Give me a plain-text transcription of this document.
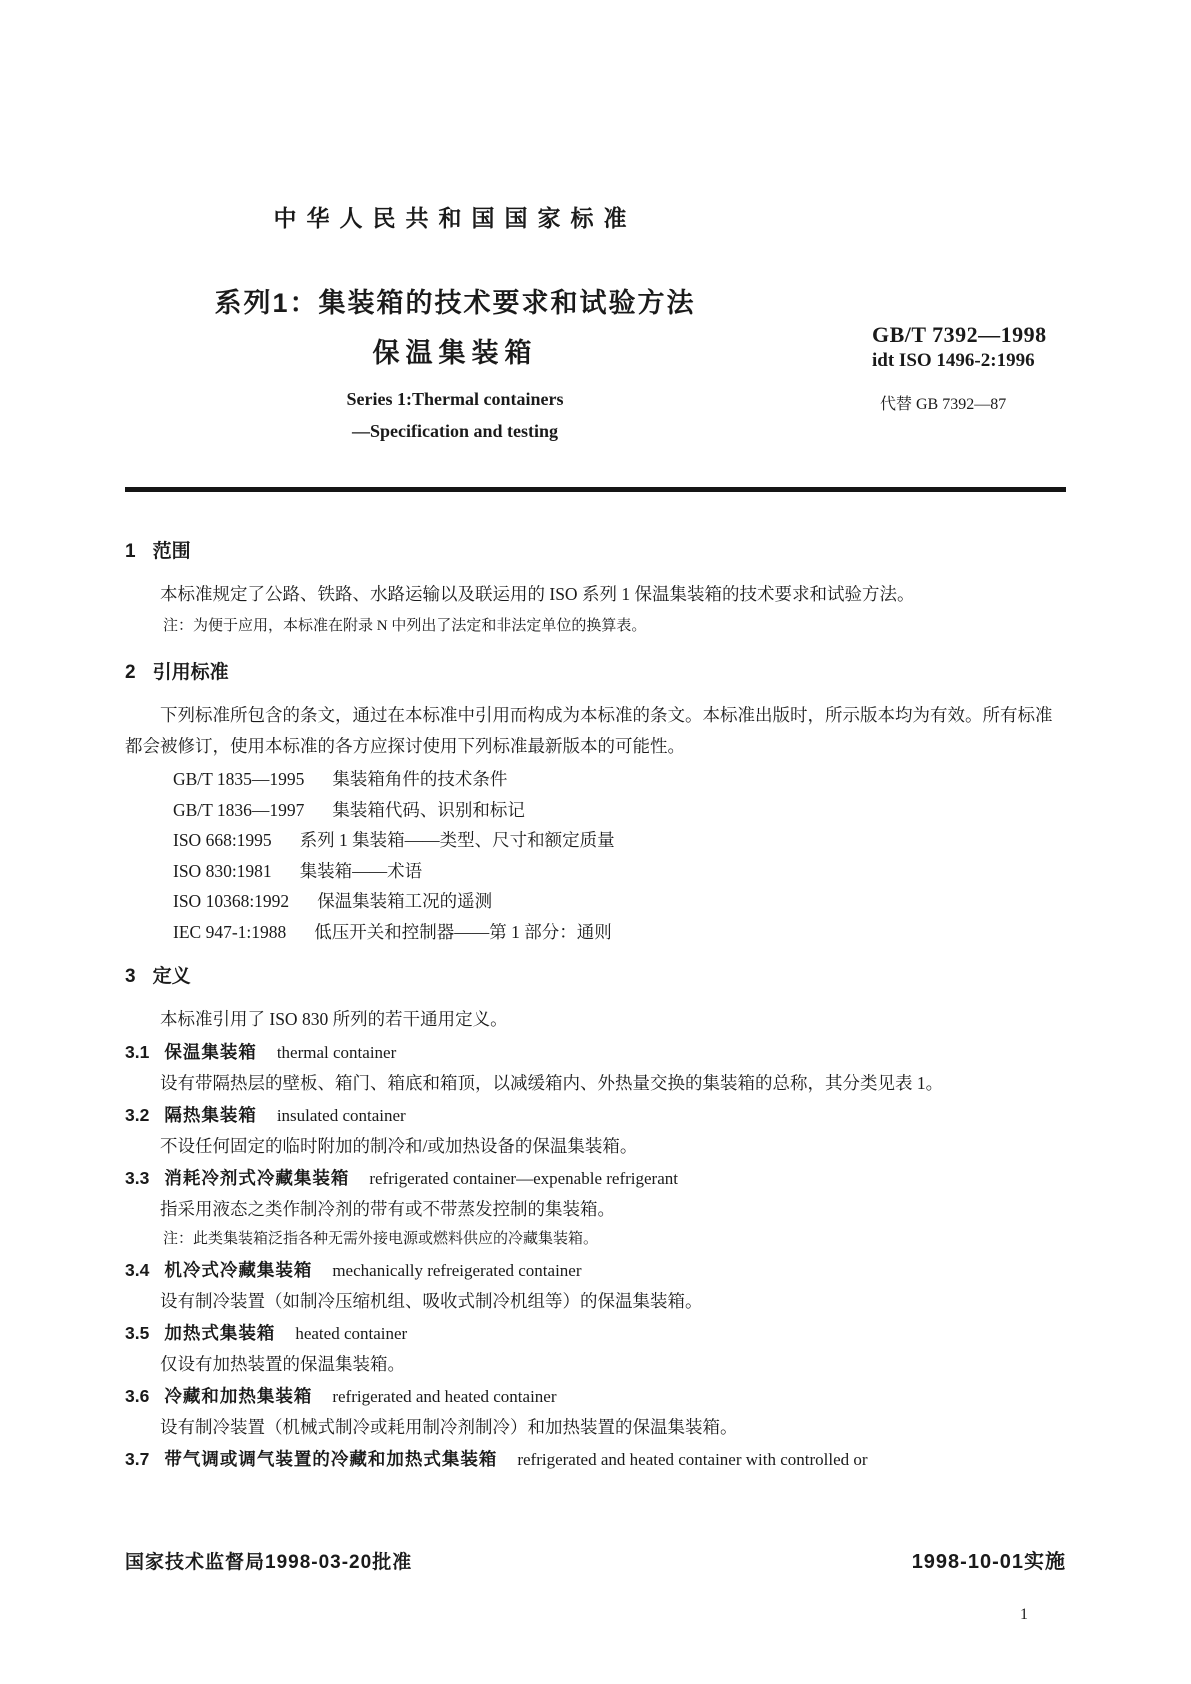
中华人民共和国国家标准
系列1：集装箱的技术要求和试验方法
保温集装箱
Series 1:Thermal containers
—Specification and testing
GB/T 7392—1998
idt ISO 1496-2:1996
代替 GB 7392—87

1 范围

本标准规定了公路、铁路、水路运输以及联运用的 ISO 系列 1 保温集装箱的技术要求和试验方法。

注：为便于应用，本标准在附录 N 中列出了法定和非法定单位的换算表。

2 引用标准

下列标准所包含的条文，通过在本标准中引用而构成为本标准的条文。本标准出版时，所示版本均为有效。所有标准都会被修订，使用本标准的各方应探讨使用下列标准最新版本的可能性。

GB/T 1835—1995 集装箱角件的技术条件

GB/T 1836—1997 集装箱代码、识别和标记

ISO 668:1995 系列 1 集装箱——类型、尺寸和额定质量

ISO 830:1981 集装箱——术语

ISO 10368:1992 保温集装箱工况的遥测

IEC 947-1:1988 低压开关和控制器——第 1 部分：通则

3 定义

本标准引用了 ISO 830 所列的若干通用定义。

3.1 保温集装箱 thermal container

设有带隔热层的壁板、箱门、箱底和箱顶，以减缓箱内、外热量交换的集装箱的总称，其分类见表 1。

3.2 隔热集装箱 insulated container

不设任何固定的临时附加的制冷和/或加热设备的保温集装箱。

3.3 消耗冷剂式冷藏集装箱 refrigerated container—expenable refrigerant

指采用液态之类作制冷剂的带有或不带蒸发控制的集装箱。

注：此类集装箱泛指各种无需外接电源或燃料供应的冷藏集装箱。

3.4 机冷式冷藏集装箱 mechanically refreigerated container

设有制冷装置（如制冷压缩机组、吸收式制冷机组等）的保温集装箱。

3.5 加热式集装箱 heated container

仅设有加热装置的保温集装箱。

3.6 冷藏和加热集装箱 refrigerated and heated container

设有制冷装置（机械式制冷或耗用制冷剂制冷）和加热装置的保温集装箱。

3.7 带气调或调气装置的冷藏和加热式集装箱 refrigerated and heated container with controlled or

国家技术监督局1998-03-20批准	1998-10-01实施
1
